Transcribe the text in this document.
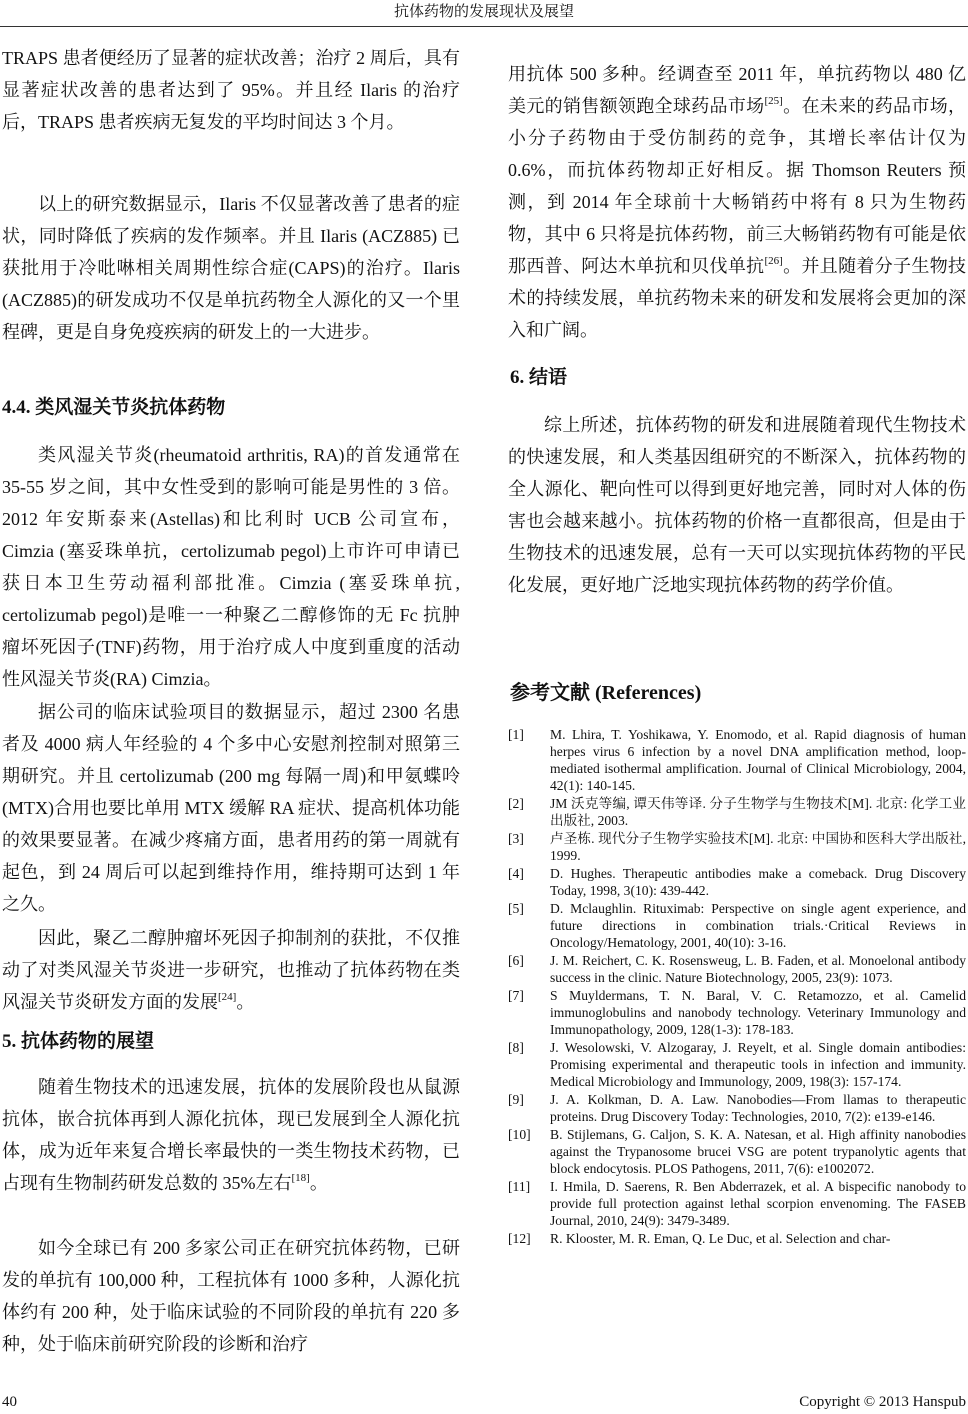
抗体药物的发展现状及展望

TRAPS 患者便经历了显著的症状改善；治疗 2 周后，具有显著症状改善的患者达到了 95%。并且经 Ilaris 的治疗后，TRAPS 患者疾病无复发的平均时间达 3 个月。

以上的研究数据显示，Ilaris 不仅显著改善了患者的症状，同时降低了疾病的发作频率。并且 Ilaris (ACZ885) 已获批用于冷吡啉相关周期性综合症(CAPS)的治疗。Ilaris (ACZ885)的研发成功不仅是单抗药物全人源化的又一个里程碑，更是自身免疫疾病的研发上的一大进步。

4.4. 类风湿关节炎抗体药物

类风湿关节炎(rheumatoid arthritis, RA)的首发通常在 35-55 岁之间，其中女性受到的影响可能是男性的 3 倍。2012 年安斯泰来(Astellas)和比利时 UCB 公司宣布，Cimzia (塞妥珠单抗，certolizumab pegol)上市许可申请已获日本卫生劳动福利部批准。Cimzia (塞妥珠单抗, certolizumab pegol)是唯一一种聚乙二醇修饰的无 Fc 抗肿瘤坏死因子(TNF)药物，用于治疗成人中度到重度的活动性风湿关节炎(RA) Cimzia。

据公司的临床试验项目的数据显示，超过 2300 名患者及 4000 病人年经验的 4 个多中心安慰剂控制对照第三期研究。并且 certolizumab (200 mg 每隔一周)和甲氨蝶呤(MTX)合用也要比单用 MTX 缓解 RA 症状、提高机体功能的效果要显著。在减少疼痛方面，患者用药的第一周就有起色，到 24 周后可以起到维持作用，维持期可达到 1 年之久。

因此，聚乙二醇肿瘤坏死因子抑制剂的获批，不仅推动了对类风湿关节炎进一步研究，也推动了抗体药物在类风湿关节炎研发方面的发展[24]。

5. 抗体药物的展望

随着生物技术的迅速发展，抗体的发展阶段也从鼠源抗体，嵌合抗体再到人源化抗体，现已发展到全人源化抗体，成为近年来复合增长率最快的一类生物技术药物，已占现有生物制药研发总数的 35%左右[18]。

如今全球已有 200 多家公司正在研究抗体药物，已研发的单抗有 100,000 种，工程抗体有 1000 多种，人源化抗体约有 200 种，处于临床试验的不同阶段的单抗有 220 多种，处于临床前研究阶段的诊断和治疗

用抗体 500 多种。经调查至 2011 年，单抗药物以 480 亿美元的销售额领跑全球药品市场[25]。在未来的药品市场，小分子药物由于受仿制药的竞争，其增长率估计仅为 0.6%，而抗体药物却正好相反。据 Thomson Reuters 预测，到 2014 年全球前十大畅销药中将有 8 只为生物药物，其中 6 只将是抗体药物，前三大畅销药物有可能是依那西普、阿达木单抗和贝伐单抗[26]。并且随着分子生物技术的持续发展，单抗药物未来的研发和发展将会更加的深入和广阔。

6. 结语

综上所述，抗体药物的研发和进展随着现代生物技术的快速发展，和人类基因组研究的不断深入，抗体药物的全人源化、靶向性可以得到更好地完善，同时对人体的伤害也会越来越小。抗体药物的价格一直都很高，但是由于生物技术的迅速发展，总有一天可以实现抗体药物的平民化发展，更好地广泛地实现抗体药物的药学价值。

参考文献 (References)
[1]	M. Lhira, T. Yoshikawa, Y. Enomodo, et al. Rapid diagnosis of human herpes virus 6 infection by a novel DNA amplification method, loop-mediated isothermal amplification. Journal of Clinical Microbiology, 2004, 42(1): 140-145.
[2]	JM 沃克等编, 谭天伟等译. 分子生物学与生物技术[M]. 北京: 化学工业出版社, 2003.
[3]	卢圣栋. 现代分子生物学实验技术[M]. 北京: 中国协和医科大学出版社, 1999.
[4]	D. Hughes. Therapeutic antibodies make a comeback. Drug Discovery Today, 1998, 3(10): 439-442.
[5]	D. Mclaughlin. Rituximab: Perspective on single agent experience, and future directions in combination trials.·Critical Reviews in Oncology/Hematology, 2001, 40(10): 3-16.
[6]	J. M. Reichert, C. K. Rosensweug, L. B. Faden, et al. Monoelonal antibody success in the clinic. Nature Biotechnology, 2005, 23(9): 1073.
[7]	S Muyldermans, T. N. Baral, V. C. Retamozzo, et al. Camelid immunoglobulins and nanobody technology. Veterinary Immunology and Immunopathology, 2009, 128(1-3): 178-183.
[8]	J. Wesolowski, V. Alzogaray, J. Reyelt, et al. Single domain antibodies: Promising experimental and therapeutic tools in infection and immunity. Medical Microbiology and Immunology, 2009, 198(3): 157-174.
[9]	J. A. Kolkman, D. A. Law. Nanobodies—From llamas to therapeutic proteins. Drug Discovery Today: Technologies, 2010, 7(2): e139-e146.
[10]	B. Stijlemans, G. Caljon, S. K. A. Natesan, et al. High affinity nanobodies against the Trypanosome brucei VSG are potent trypanolytic agents that block endocytosis. PLOS Pathogens, 2011, 7(6): e1002072.
[11]	I. Hmila, D. Saerens, R. Ben Abderrazek, et al. A bispecific nanobody to provide full protection against lethal scorpion envenoming. The FASEB Journal, 2010, 24(9): 3479-3489.
[12]	R. Klooster, M. R. Eman, Q. Le Duc, et al. Selection and char-
40	Copyright © 2013 Hanspub
